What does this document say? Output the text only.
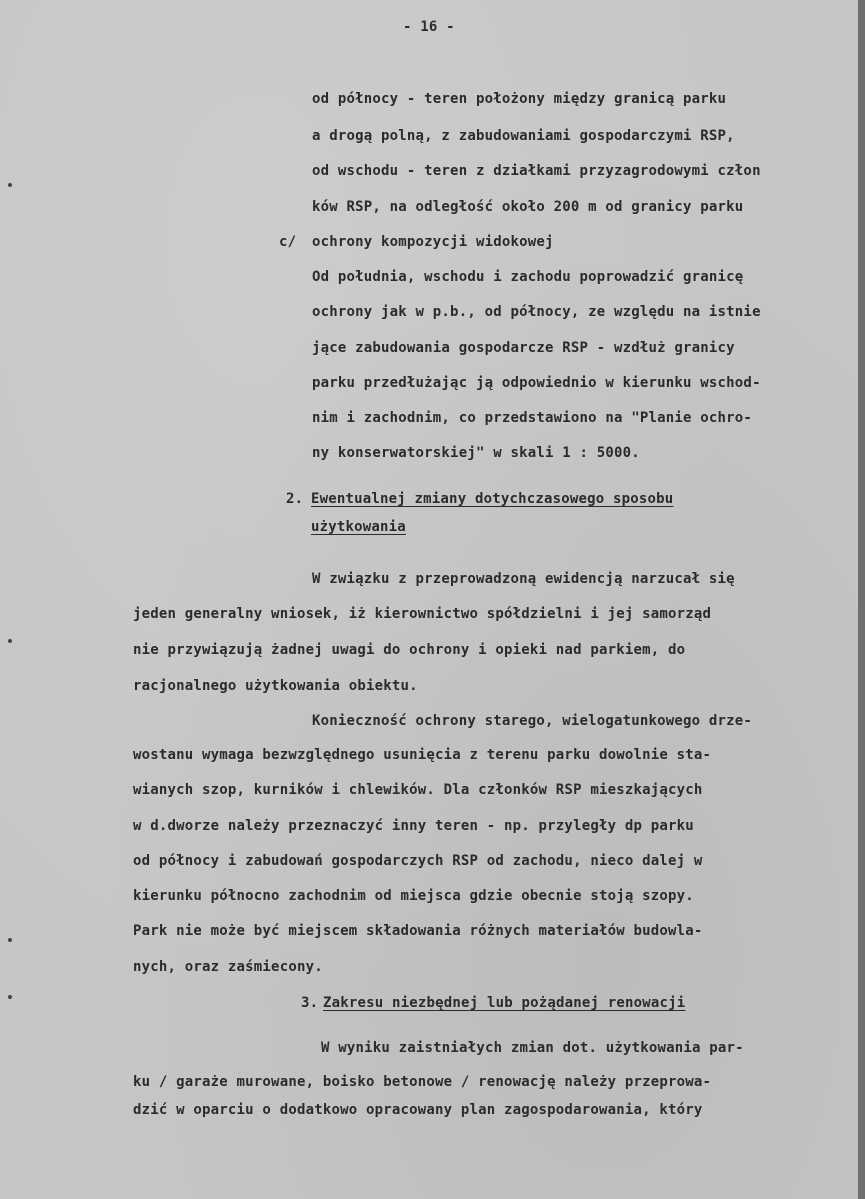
- 16 -

od północy - teren położony między granicą parku

a drogą polną, z zabudowaniami gospodarczymi RSP,

od wschodu - teren z działkami przyzagrodowymi człon

ków RSP, na odległość około 200 m od granicy parku

c/ ochrony kompozycji widokowej

Od południa, wschodu i zachodu poprowadzić granicę

ochrony jak w p.b., od północy, ze względu na istnie

jące zabudowania gospodarcze RSP - wzdłuż granicy

parku przedłużając ją odpowiednio w kierunku wschod-

nim i zachodnim, co przedstawiono na "Planie ochro-

ny konserwatorskiej" w skali 1 : 5000.

2. Ewentualnej zmiany dotychczasowego sposobu

użytkowania

W związku z przeprowadzoną ewidencją narzucał się

jeden generalny wniosek, iż kierownictwo spółdzielni i jej samorząd

nie przywiązują żadnej uwagi do ochrony i opieki nad parkiem, do

racjonalnego użytkowania obiektu.

Konieczność ochrony starego, wielogatunkowego drze-

wostanu wymaga bezwzględnego usunięcia z terenu parku dowolnie sta-

wianych szop, kurników i chlewików. Dla członków RSP mieszkających

w d.dworze należy przeznaczyć inny teren - np. przyległy dp parku

od północy i zabudowań gospodarczych RSP od zachodu, nieco dalej w

kierunku północno zachodnim od miejsca gdzie obecnie stoją szopy.

Park nie może być miejscem składowania różnych materiałów budowla-

nych, oraz zaśmiecony.

3. Zakresu niezbędnej lub pożądanej renowacji

W wyniku zaistniałych zmian dot. użytkowania par-

ku / garaże murowane, boisko betonowe / renowację należy przeprowa-

dzić w oparciu o dodatkowo opracowany plan zagospodarowania, który
